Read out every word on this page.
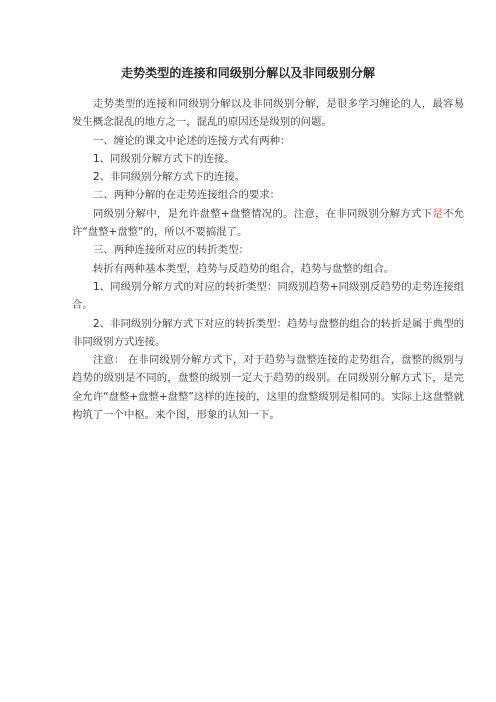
走势类型的连接和同级别分解以及非同级别分解

走势类型的连接和同级别分解以及非同级别分解，是很多学习缠论的人，最容易发生概念混乱的地方之一，混乱的原因还是级别的问题。

一、缠论的课文中论述的连接方式有两种：

1、同级别分解方式下的连接。

2、非同级别分解方式下的连接。

二、两种分解的在走势连接组合的要求：

同级别分解中，是允许盘整+盘整情况的。注意，在非同级别分解方式下是不允许“盘整+盘整”的，所以不要搞混了。

三、两种连接所对应的转折类型：

转折有两种基本类型，趋势与反趋势的组合，趋势与盘整的组合。

1、同级别分解方式的对应的转折类型：同级别趋势+同级别反趋势的走势连接组合。

2、非同级别分解方式下对应的转折类型：趋势与盘整的组合的转折是属于典型的非同级别方式连接。

注意： 在非同级别分解方式下，对于趋势与盘整连接的走势组合，盘整的级别与趋势的级别是不同的，盘整的级别一定大于趋势的级别。在同级别分解方式下，是完全允许“盘整+盘整+盘整”这样的连接的，这里的盘整级别是相同的。实际上这盘整就构筑了一个中枢。来个图，形象的认知一下。
